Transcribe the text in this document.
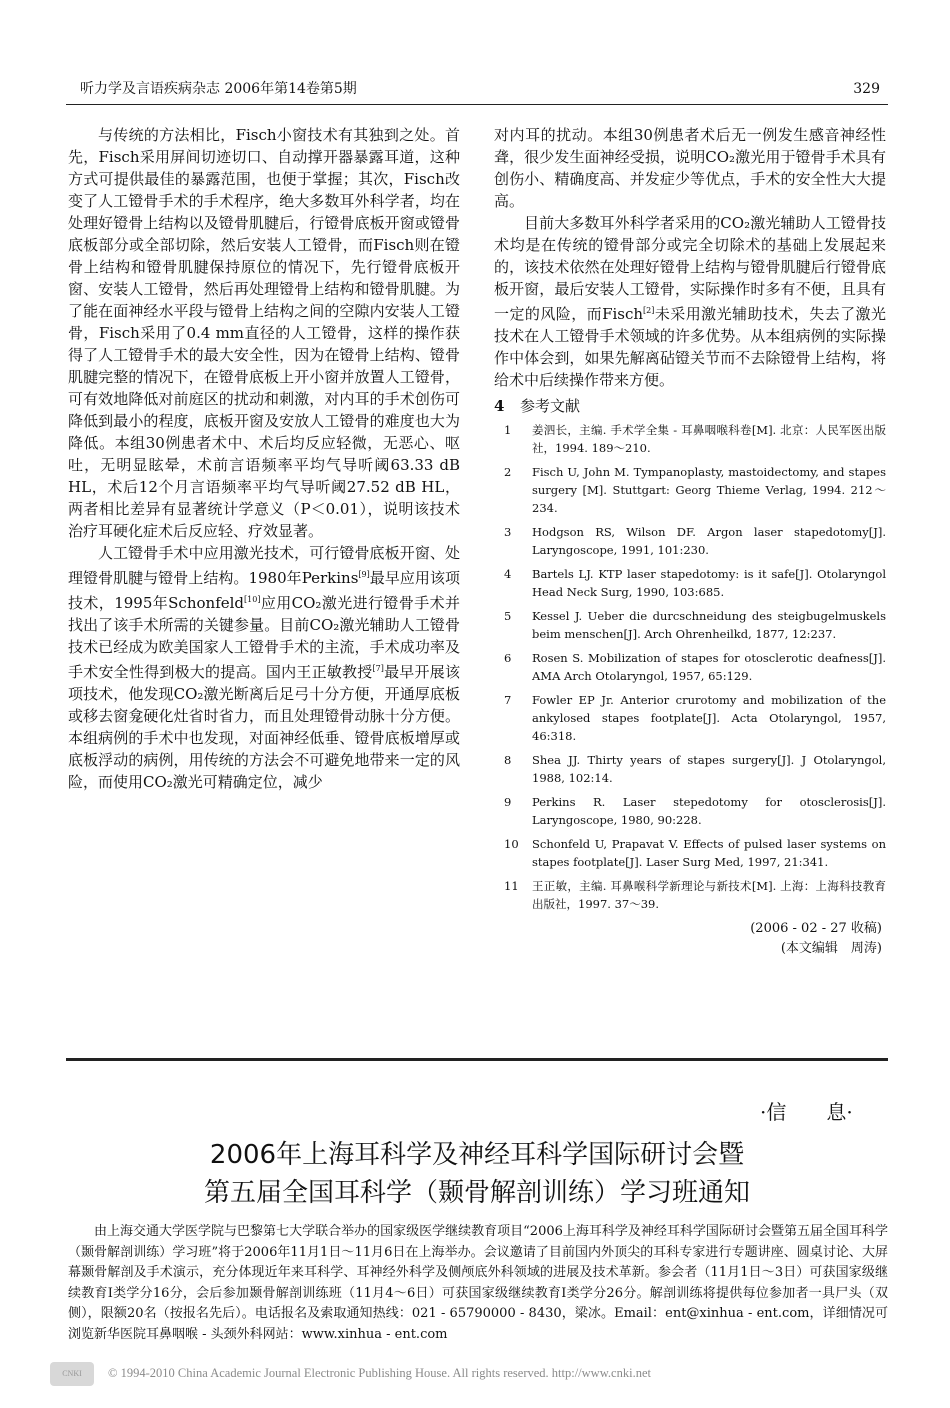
听力学及言语疾病杂志 2006年第14卷第5期	329

与传统的方法相比，Fisch小窗技术有其独到之处。首先，Fisch采用屏间切迹切口、自动撑开器暴露耳道，这种方式可提供最佳的暴露范围，也便于掌握；其次，Fisch改变了人工镫骨手术的手术程序，绝大多数耳外科学者，均在处理好镫骨上结构以及镫骨肌腱后，行镫骨底板开窗或镫骨底板部分或全部切除，然后安装人工镫骨，而Fisch则在镫骨上结构和镫骨肌腱保持原位的情况下，先行镫骨底板开窗、安装人工镫骨，然后再处理镫骨上结构和镫骨肌腱。为了能在面神经水平段与镫骨上结构之间的空隙内安装人工镫骨，Fisch采用了0.4 mm直径的人工镫骨，这样的操作获得了人工镫骨手术的最大安全性，因为在镫骨上结构、镫骨肌腱完整的情况下，在镫骨底板上开小窗并放置人工镫骨，可有效地降低对前庭区的扰动和刺激，对内耳的手术创伤可降低到最小的程度，底板开窗及安放人工镫骨的难度也大为降低。本组30例患者术中、术后均反应轻微，无恶心、呕吐，无明显眩晕，术前言语频率平均气导听阈63.33 dB HL，术后12个月言语频率平均气导听阈27.52 dB HL，两者相比差异有显著统计学意义（P＜0.01），说明该技术治疗耳硬化症术后反应轻、疗效显著。

人工镫骨手术中应用激光技术，可行镫骨底板开窗、处理镫骨肌腱与镫骨上结构。1980年Perkins[9]最早应用该项技术，1995年Schonfeld[10]应用CO₂激光进行镫骨手术并找出了该手术所需的关键参量。目前CO₂激光辅助人工镫骨技术已经成为欧美国家人工镫骨手术的主流，手术成功率及手术安全性得到极大的提高。国内王正敏教授[7]最早开展该项技术，他发现CO₂激光断离后足弓十分方便，开通厚底板或移去窗龛硬化灶省时省力，而且处理镫骨动脉十分方便。本组病例的手术中也发现，对面神经低垂、镫骨底板增厚或底板浮动的病例，用传统的方法会不可避免地带来一定的风险，而使用CO₂激光可精确定位，减少

对内耳的扰动。本组30例患者术后无一例发生感音神经性聋，很少发生面神经受损，说明CO₂激光用于镫骨手术具有创伤小、精确度高、并发症少等优点，手术的安全性大大提高。

目前大多数耳外科学者采用的CO₂激光辅助人工镫骨技术均是在传统的镫骨部分或完全切除术的基础上发展起来的，该技术依然在处理好镫骨上结构与镫骨肌腱后行镫骨底板开窗，最后安装人工镫骨，实际操作时多有不便，且具有一定的风险，而Fisch[2]未采用激光辅助技术，失去了激光技术在人工镫骨手术领域的许多优势。从本组病例的实际操作中体会到，如果先解离砧镫关节而不去除镫骨上结构，将给术中后续操作带来方便。

4 参考文献
1 姜泗长，主编. 手术学全集 - 耳鼻咽喉科卷[M]. 北京：人民军医出版社，1994. 189～210.
2 Fisch U, John M. Tympanoplasty, mastoidectomy, and stapes surgery [M]. Stuttgart: Georg Thieme Verlag, 1994. 212～234.
3 Hodgson RS, Wilson DF. Argon laser stapedotomy[J]. Laryngoscope, 1991, 101:230.
4 Bartels LJ. KTP laser stapedotomy: is it safe[J]. Otolaryngol Head Neck Surg, 1990, 103:685.
5 Kessel J. Ueber die durcschneidung des steigbugelmuskels beim menschen[J]. Arch Ohrenheilkd, 1877, 12:237.
6 Rosen S. Mobilization of stapes for otosclerotic deafness[J]. AMA Arch Otolaryngol, 1957, 65:129.
7 Fowler EP Jr. Anterior crurotomy and mobilization of the ankylosed stapes footplate[J]. Acta Otolaryngol, 1957, 46:318.
8 Shea JJ. Thirty years of stapes surgery[J]. J Otolaryngol, 1988, 102:14.
9 Perkins R. Laser stepedotomy for otosclerosis[J]. Laryngoscope, 1980, 90:228.
10 Schonfeld U, Prapavat V. Effects of pulsed laser systems on stapes footplate[J]. Laser Surg Med, 1997, 21:341.
11 王正敏，主编. 耳鼻喉科学新理论与新技术[M]. 上海：上海科技教育出版社，1997. 37～39.
(2006 - 02 - 27 收稿)
(本文编辑　周涛)
·信 息·
2006年上海耳科学及神经耳科学国际研讨会暨
第五届全国耳科学（颞骨解剖训练）学习班通知

由上海交通大学医学院与巴黎第七大学联合举办的国家级医学继续教育项目“2006上海耳科学及神经耳科学国际研讨会暨第五届全国耳科学（颞骨解剖训练）学习班”将于2006年11月1日～11月6日在上海举办。会议邀请了目前国内外顶尖的耳科专家进行专题讲座、圆桌讨论、大屏幕颞骨解剖及手术演示，充分体现近年来耳科学、耳神经外科学及侧颅底外科领域的进展及技术革新。参会者（11月1日～3日）可获国家级继续教育I类学分16分，会后参加颞骨解剖训练班（11月4～6日）可获国家级继续教育I类学分26分。解剖训练将提供每位参加者一具尸头（双侧），限额20名（按报名先后）。电话报名及索取通知热线：021 - 65790000 - 8430，梁冰。Email：ent@xinhua - ent.com，详细情况可浏览新华医院耳鼻咽喉 - 头颈外科网站：www.xinhua - ent.com

CNKI	© 1994-2010 China Academic Journal Electronic Publishing House. All rights reserved. http://www.cnki.net
